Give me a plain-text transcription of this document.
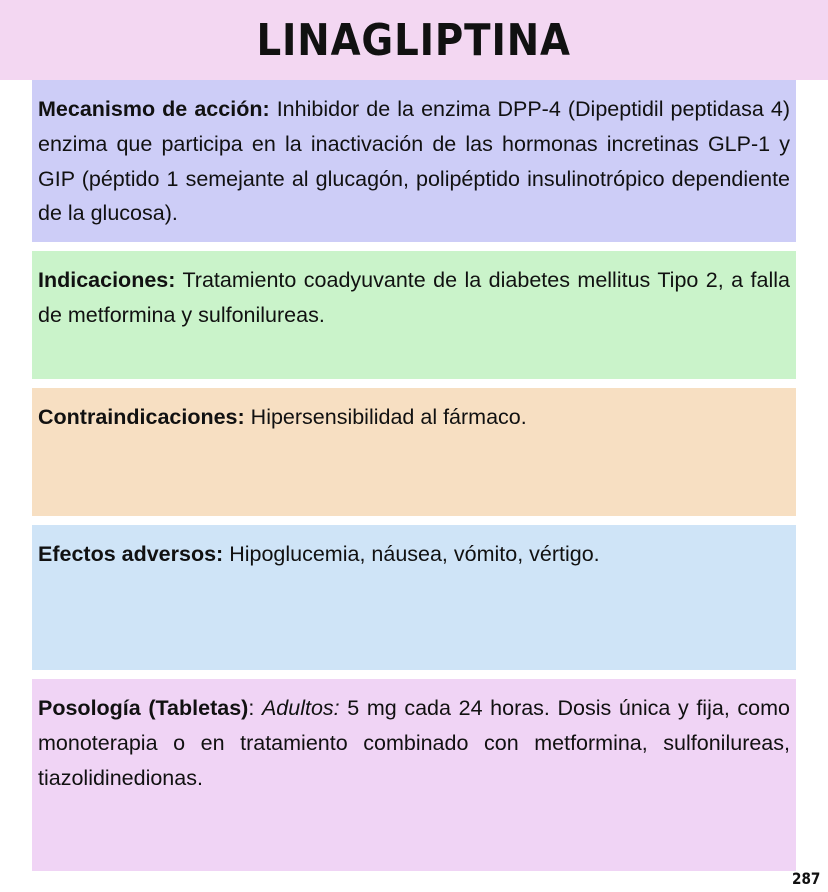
LINAGLIPTINA
Mecanismo de acción: Inhibidor de la enzima DPP-4 (Dipeptidil peptidasa 4) enzima que participa en la inactivación de las hormonas incretinas GLP-1 y GIP (péptido 1 semejante al glucagón, polipéptido insulinotrópico dependiente de la glucosa).
Indicaciones: Tratamiento coadyuvante de la diabetes mellitus Tipo 2, a falla de metformina y sulfonilureas.
Contraindicaciones: Hipersensibilidad al fármaco.
Efectos adversos: Hipoglucemia, náusea, vómito, vértigo.
Posología (Tabletas): Adultos: 5 mg cada 24 horas. Dosis única y fija, como monoterapia o en tratamiento combinado con metformina, sulfonilureas, tiazolidinedionas.
287
